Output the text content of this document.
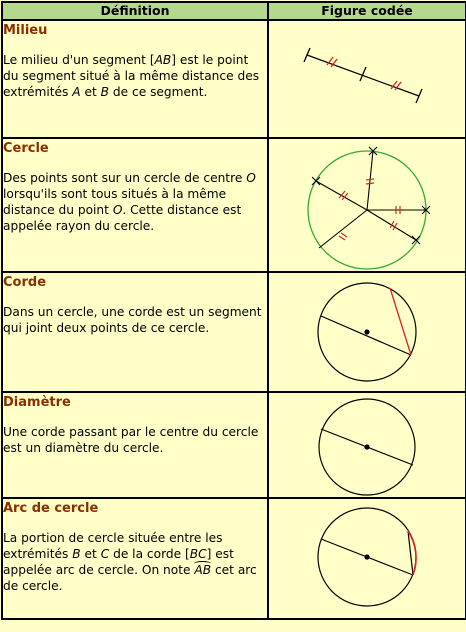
Définition	Figure codée

Milieu

Le milieu d'un segment [AB] est le point du segment situé à la même distance des extrémités A et B de ce segment.

Cercle

Des points sont sur un cercle de centre O lorsqu'ils sont tous situés à la même distance du point O. Cette distance est appelée rayon du cercle.

Corde

Dans un cercle, une corde est un segment qui joint deux points de ce cercle.

Diamètre

Une corde passant par le centre du cercle est un diamètre du cercle.

Arc de cercle

La portion de cercle située entre les extrémités B et C de la corde [BC] est appelée arc de cercle. On note AB cet arc de cercle.
